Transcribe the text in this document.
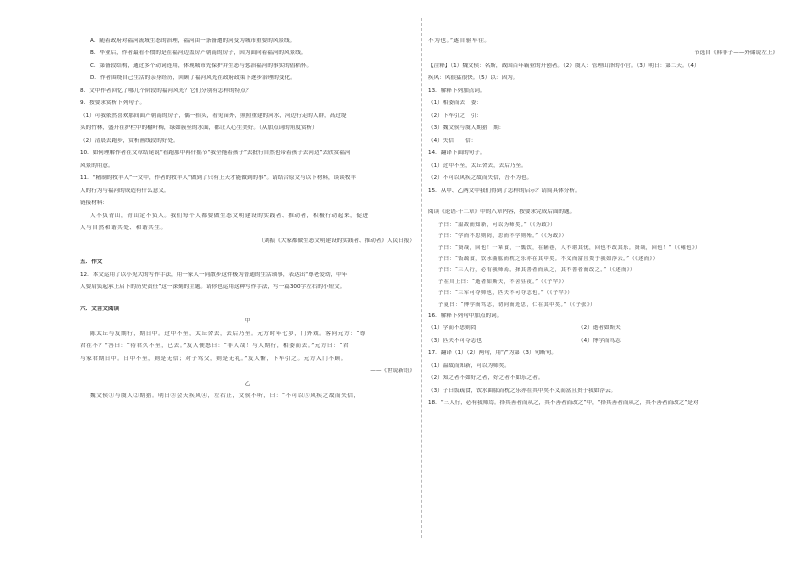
A．随着政府对福河流域生态的治理，福河由一条备遭的河变为城市重要的风景线。
B．毕业后，作者最看不惯的是在福河边盖房产朝南的房子，因为面向着福河的风景线。
C．第备段结构，通过多个动词连用，体现城市先保护并生态与惩治福河的事实的倡稻怀。
D．作者围绕自己生活的亲身经历，回顾了福河风光在政府政策下逐步治理的变化。
8．文中作者回忆了哪几个阶段的福河风光？它们分别有怎样的特点？
9．按要求赏析下列句子。
（1）可我依然喜欢那间面产朝南的房子，偶一抬头，看见亩外，照照重建的河水，河边行走的人群，高过堤
头的竹林，盛开在护栏中的榆叶梅，绿如簇至的水面，都让人心生美好。（从加点词的角度赏析）
（2）清晨去跑步，赏析画线段的好处。
10．如何理解作者在文章结尾说“看跑那中再什摇节“我全拖着孩子”去批行自然也带着孩子去河边”去欣赏福河
风景的用意。
11．“精制的牧羊人”一文中，作者的牧羊人“做到了只有上天才能做到的事”。请结合原文与以下材料，谈谈牧羊
人的行为与福河的成造有什么意义。
链接材料：
人不负青山，青山定不负人。我们每个人都要做生态文明建设的实践者、推动者，积极行动起来，促进
人与自然和谐共处、和谐共生。
（刘振《大家都做生态文明建设的实践者、推动者》人民日报）
五．作文
12．本文运用了以小见大的写作手法，用一家人一同散步这件极为普通的生活琐事，表达出“尊老爱幼，中年
人要肩负起承上启下的历史责任”这一深刻的主题。请你也运用这种写作手法，写一篇300字左右的小短文。
六．文言文阅读
甲
陈太丘与友期行，期日中。过中不至，太丘舍去，去后乃至。元方时年七岁，门外戏。客问元方：“尊
君在不？”答曰：“待君久不至，已去。”友人便怒曰：“非人哉！与人期行，相委而去。”元方曰：“君
与家君期日中。日中不至，则是无信；对子骂父，则是无礼。”友人惭，下车引之。元方入门不顾。
——《世说新语》
乙
魏文侯①与虞人②期猎。明日③会天疾风④，左右止，文侯不听，曰：“不可以⑤风疾之故而失信，
不为也。”遂自驱车往。
节选自《韩非子——外储说左上》
【注释】（1）魏文侯：名斯，战国百年霸业的开创者。（2）虞人：管理山泽的小官。（3）明日：第二天。（4）
疾风：风很猛很快。（5）以：因为。
13．解释下列加点词。
（1）相委而去　委：
（2）下车引之　引：
（3）魏文侯与虞人期猎　期：
（4）失信　　信：
14．翻译下面的句子。
（1）过中不至，太丘舍去，去后乃至。
（2）不可以风疾之故而失信，吾不为也。
15．从甲、乙两文中我们得到了怎样的启示？请简具体分析。
阅读《论语·十二章》中的八章内容，按要求完成后面的题。
子曰：“温故而知新，可以为师矣。”（《为政》）
子曰：“学而不思则罔，思而不学则殆。”（《为政》）
子曰：“贤哉，回也！一箪食，一瓢饮，在陋巷，人不堪其忧，回也不改其乐。贤哉，回也！”（《雍也》）
子曰：“饭疏食，饮水曲肱而枕之乐亦在其中矣。不义而富且贵于我如浮云。”（《述而》）
子曰：“三人行，必有我师焉。择其善者而从之，其不善者而改之。”（《述而》）
子在川上曰：“逝者如斯夫，不舍昼夜。”（《子罕》）
子曰：“三军可夺帅也，匹夫不可夺志也。”（《子罕》）
子夏曰：“博学而笃志，切问而近思，仁在其中矣。”（《子张》）
16．解释下列句中加点的词。
（1）学而不思则罔	（2）逝者如斯夫
（3）匹夫不可夺志也	（4）博学而笃志
17．翻译（1）（2）两句，用“/”为第（3）句断句。
（1）温故而知新，可以为师矣。
（2）知之者不如好之者，好之者不如乐之者。
（3）子曰饭疏食，饮水曲肱而枕之乐亦在其中矣不义而富且贵于我如浮云。
18．“三人行，必有我师焉。择其善者而从之，其不善者而改之”中，“择其善者而从之，其不善者而改之”是对
